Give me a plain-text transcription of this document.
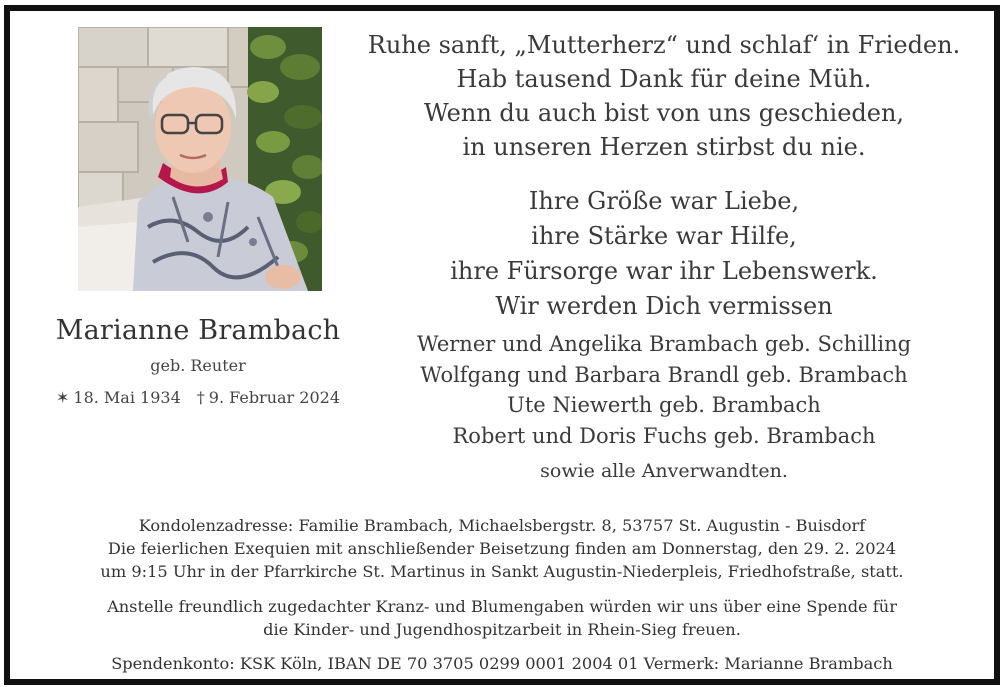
Marianne Brambach
geb. Reuter
✶ 18. Mai 1934 † 9. Februar 2024
Ruhe sanft, „Mutterherz“ und schlaf‘ in Frieden.
Hab tausend Dank für deine Müh.
Wenn du auch bist von uns geschieden,
in unseren Herzen stirbst du nie.
Ihre Größe war Liebe,
ihre Stärke war Hilfe,
ihre Fürsorge war ihr Lebenswerk.
Wir werden Dich vermissen
Werner und Angelika Brambach geb. Schilling
Wolfgang und Barbara Brandl geb. Brambach
Ute Niewerth geb. Brambach
Robert und Doris Fuchs geb. Brambach
sowie alle Anverwandten.
Kondolenzadresse: Familie Brambach, Michaelsbergstr. 8, 53757 St. Augustin - Buisdorf
Die feierlichen Exequien mit anschließender Beisetzung finden am Donnerstag, den 29. 2. 2024
um 9:15 Uhr in der Pfarrkirche St. Martinus in Sankt Augustin-Niederpleis, Friedhofstraße, statt.
Anstelle freundlich zugedachter Kranz- und Blumengaben würden wir uns über eine Spende für
die Kinder- und Jugendhospitzarbeit in Rhein-Sieg freuen.
Spendenkonto: KSK Köln, IBAN DE 70 3705 0299 0001 2004 01 Vermerk: Marianne Brambach
